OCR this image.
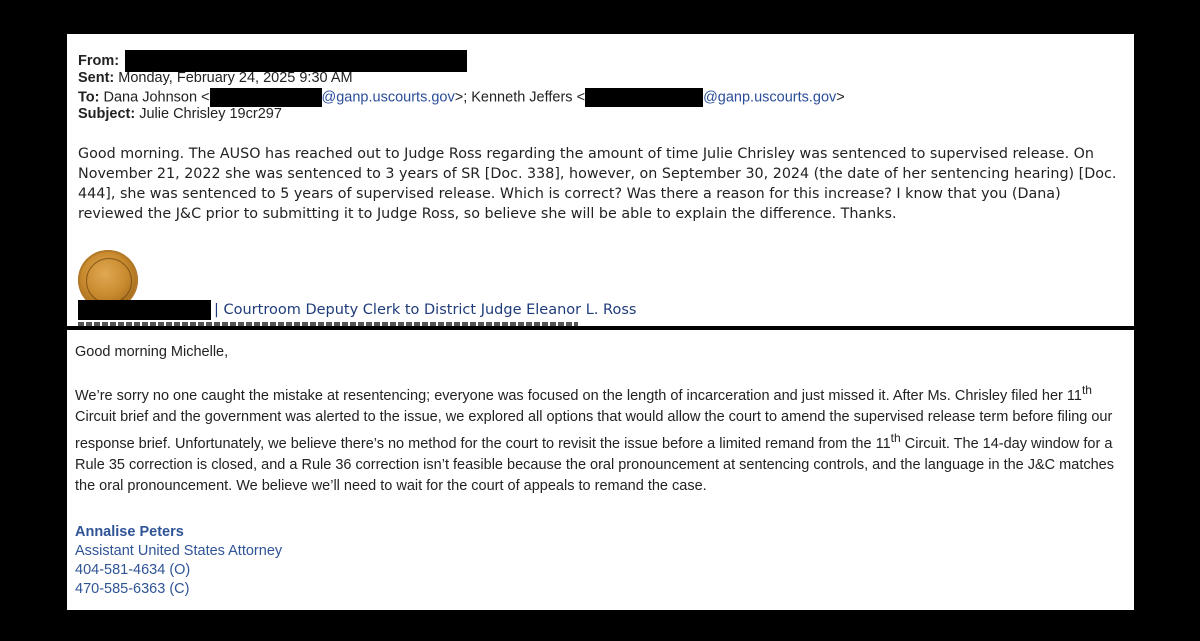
From:
Sent: Monday, February 24, 2025 9:30 AM
To: Dana Johnson <	@ganp.uscourts.gov>; Kenneth Jeffers <	@ganp.uscourts.gov>
Subject: Julie Chrisley 19cr297
Good morning. The AUSO has reached out to Judge Ross regarding the amount of time Julie Chrisley was sentenced to supervised release. On November 21, 2022 she was sentenced to 3 years of SR [Doc. 338], however, on September 30, 2024 (the date of her sentencing hearing) [Doc. 444], she was sentenced to 5 years of supervised release. Which is correct? Was there a reason for this increase? I know that you (Dana) reviewed the J&C prior to submitting it to Judge Ross, so believe she will be able to explain the difference. Thanks.
| Courtroom Deputy Clerk to District Judge Eleanor L. Ross
Good morning Michelle,
We’re sorry no one caught the mistake at resentencing; everyone was focused on the length of incarceration and just missed it. After Ms. Chrisley filed her 11th Circuit brief and the government was alerted to the issue, we explored all options that would allow the court to amend the supervised release term before filing our response brief. Unfortunately, we believe there’s no method for the court to revisit the issue before a limited remand from the 11th Circuit. The 14-day window for a Rule 35 correction is closed, and a Rule 36 correction isn’t feasible because the oral pronouncement at sentencing controls, and the language in the J&C matches the oral pronouncement. We believe we’ll need to wait for the court of appeals to remand the case.
Annalise Peters
Assistant United States Attorney
404-581-4634 (O)
470-585-6363 (C)
